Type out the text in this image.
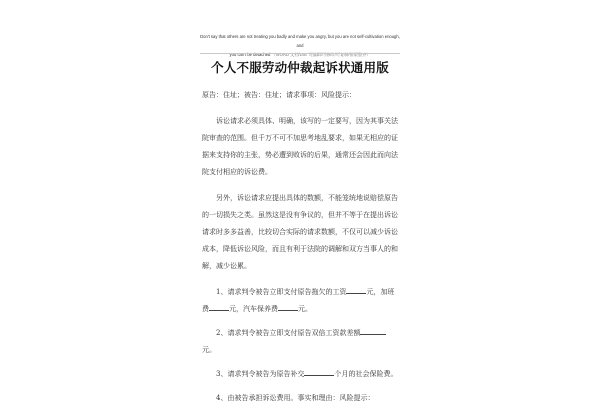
Don't say that others are not treating you badly and make you angry, but you are not self-cultivation enough, and
you can't be detached （WORD 文档/Doc 可编辑/可修改/可复制/排版整齐）
个人不服劳动仲裁起诉状通用版

原告：住址；被告：住址；请求事项：风险提示：

诉讼请求必须具体、明确，该写的一定要写，因为其事关法院审查的范围。但千万不可不加思考地乱要求，如果无相应的证据来支持你的主张，势必遭到败诉的后果，通常还会因此而向法院支付相应的诉讼费。

另外，诉讼请求应提出具体的数额，不能笼统地说赔偿原告的一切损失之类。虽然这是没有争议的，但并不等于在提出诉讼请求时多多益善，比较切合实际的请求数额，不仅可以减少诉讼成本，降低诉讼风险，而且有利于法院的调解和双方当事人的和解，减少讼累。

1、请求判令被告立即支付原告拖欠的工资	元，加班费	元，汽车保养费	元。

2、请求判令被告立即支付原告双倍工资款差额元。

3、请求判令被告为原告补交	个月的社会保险费。

4、由被告承担诉讼费用。事实和理由：风险提示：
